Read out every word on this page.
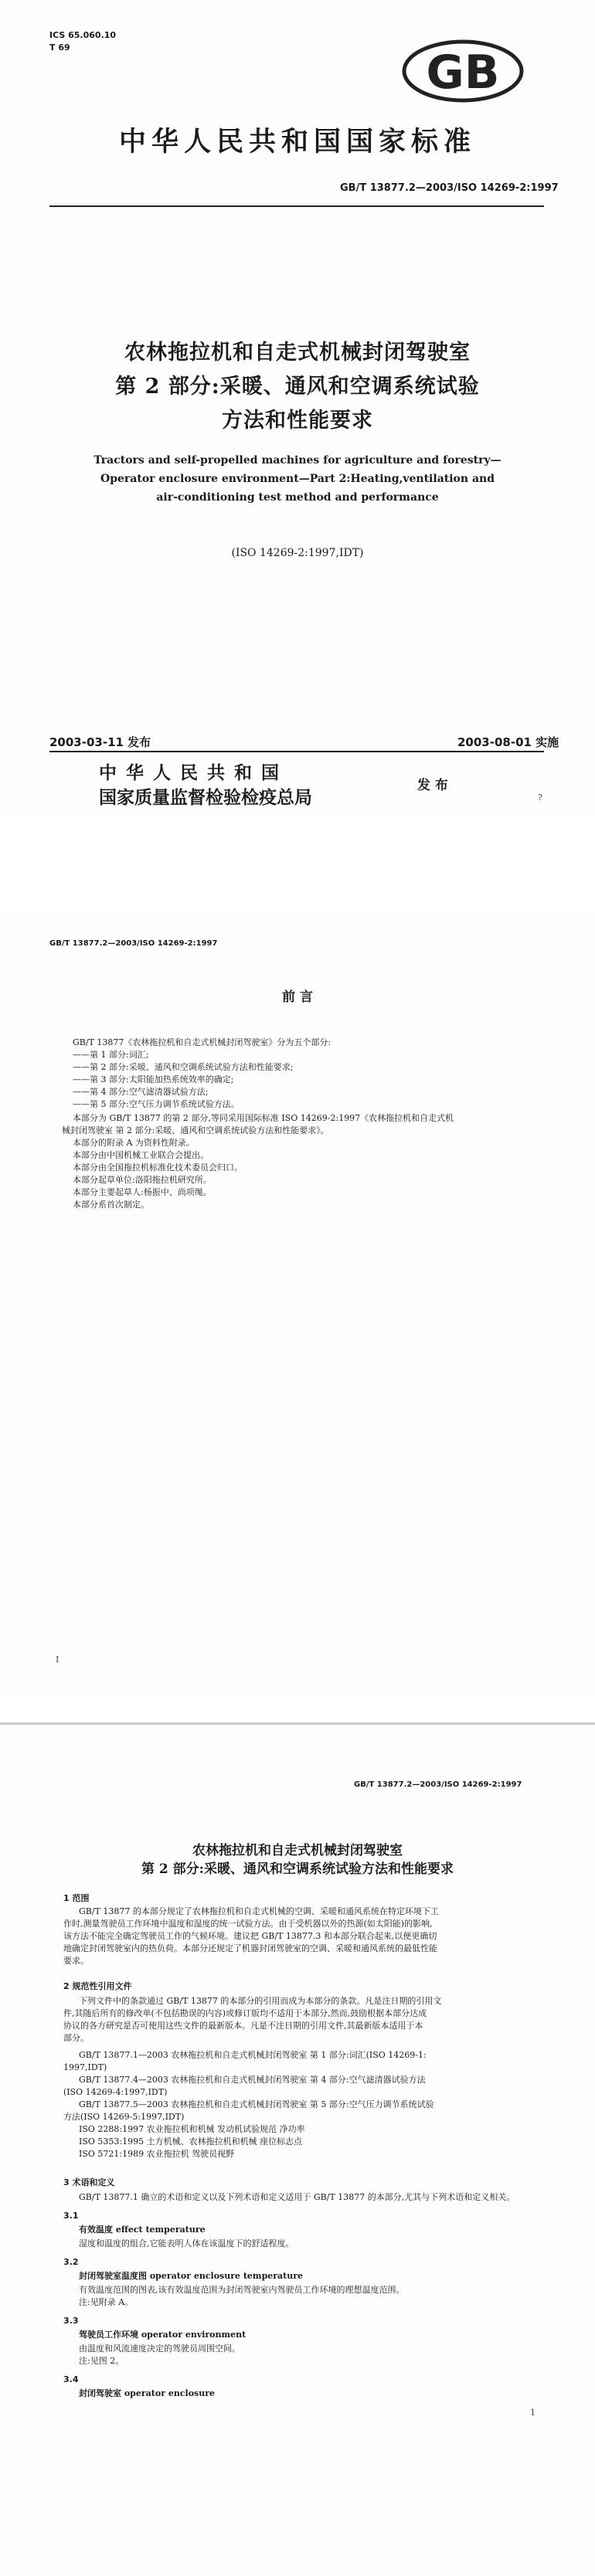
ICS 65.060.10
T 69	GB
中华人民共和国国家标准
GB/T 13877.2—2003/ISO 14269-2:1997
农林拖拉机和自走式机械封闭驾驶室
第 2 部分:采暖、通风和空调系统试验
方法和性能要求
Tractors and self-propelled machines for agriculture and forestry—
Operator enclosure environment—Part 2:Heating,ventilation and
air-conditioning test method and performance
(ISO 14269-2:1997,IDT)
2003-03-11 发布	2003-08-01 实施
中 华 人 民 共 和 国
国家质量监督检验检疫总局
发 布
?
GB/T 13877.2—2003/ISO 14269-2:1997
前 言
GB/T 13877《农林拖拉机和自走式机械封闭驾驶室》分为五个部分:
——第 1 部分:词汇;
——第 2 部分:采暖、通风和空调系统试验方法和性能要求;
——第 3 部分:太阳能加热系统效率的确定;
——第 4 部分:空气滤清器试验方法;
——第 5 部分:空气压力调节系统试验方法。
本部分为 GB/T 13877 的第 2 部分,等同采用国际标准 ISO 14269-2:1997《农林拖拉机和自走式机
械封闭驾驶室 第 2 部分:采暖、通风和空调系统试验方法和性能要求》。
本部分的附录 A 为资料性附录。
本部分由中国机械工业联合会提出。
本部分由全国拖拉机标准化技术委员会归口。
本部分起草单位:洛阳拖拉机研究所。
本部分主要起草人:杨振中、尚项绳。
本部分系首次制定。
I
GB/T 13877.2—2003/ISO 14269-2:1997
农林拖拉机和自走式机械封闭驾驶室
第 2 部分:采暖、通风和空调系统试验方法和性能要求
1 范围
GB/T 13877 的本部分规定了农林拖拉机和自走式机械的空调、采暖和通风系统在特定环境下工
作时,测量驾驶员工作环境中温度和湿度的统一试验方法。由于受机器以外的热源(如太阳能)的影响,
该方法不能完全确定驾驶员工作的气候环境。建议把 GB/T 13877.3 和本部分联合起来,以便更确切
地确定封闭驾驶室内的热负荷。本部分还规定了机器封闭驾驶室的空调、采暖和通风系统的最低性能
要求。
2 规范性引用文件
下列文件中的条款通过 GB/T 13877 的本部分的引用而成为本部分的条款。凡是注日期的引用文
件,其随后所有的修改单(不包括勘误的内容)或修订版均不适用于本部分,然而,鼓励根据本部分达成
协议的各方研究是否可使用这些文件的最新版本。凡是不注日期的引用文件,其最新版本适用于本
部分。
GB/T 13877.1—2003 农林拖拉机和自走式机械封闭驾驶室 第 1 部分:词汇(ISO 14269-1:
1997,IDT)
GB/T 13877.4—2003 农林拖拉机和自走式机械封闭驾驶室 第 4 部分:空气滤清器试验方法
(ISO 14269-4:1997,IDT)
GB/T 13877.5—2003 农林拖拉机和自走式机械封闭驾驶室 第 5 部分:空气压力调节系统试验
方法(ISO 14269-5:1997,IDT)
ISO 2288:1997 农业拖拉机和机械 发动机试验规范 净功率
ISO 5353:1995 土方机械、农林拖拉机和机械 座位标志点
ISO 5721:1989 农业拖拉机 驾驶员视野
3 术语和定义
GB/T 13877.1 确立的术语和定义以及下列术语和定义适用于 GB/T 13877 的本部分,尤其与下列术语和定义相关。
3.1
有效温度 effect temperature
湿度和温度的组合,它能表明人体在该温度下的舒适程度。
3.2
封闭驾驶室温度图 operator enclosure temperature
有效温度范围的图表,该有效温度范围为封闭驾驶室内驾驶员工作环境的理想温度范围。
注:见附录 A。
3.3
驾驶员工作环境 operator environment
由温度和风流速度决定的驾驶员周围空间。
注:见图 2。
3.4
封闭驾驶室 operator enclosure
1
